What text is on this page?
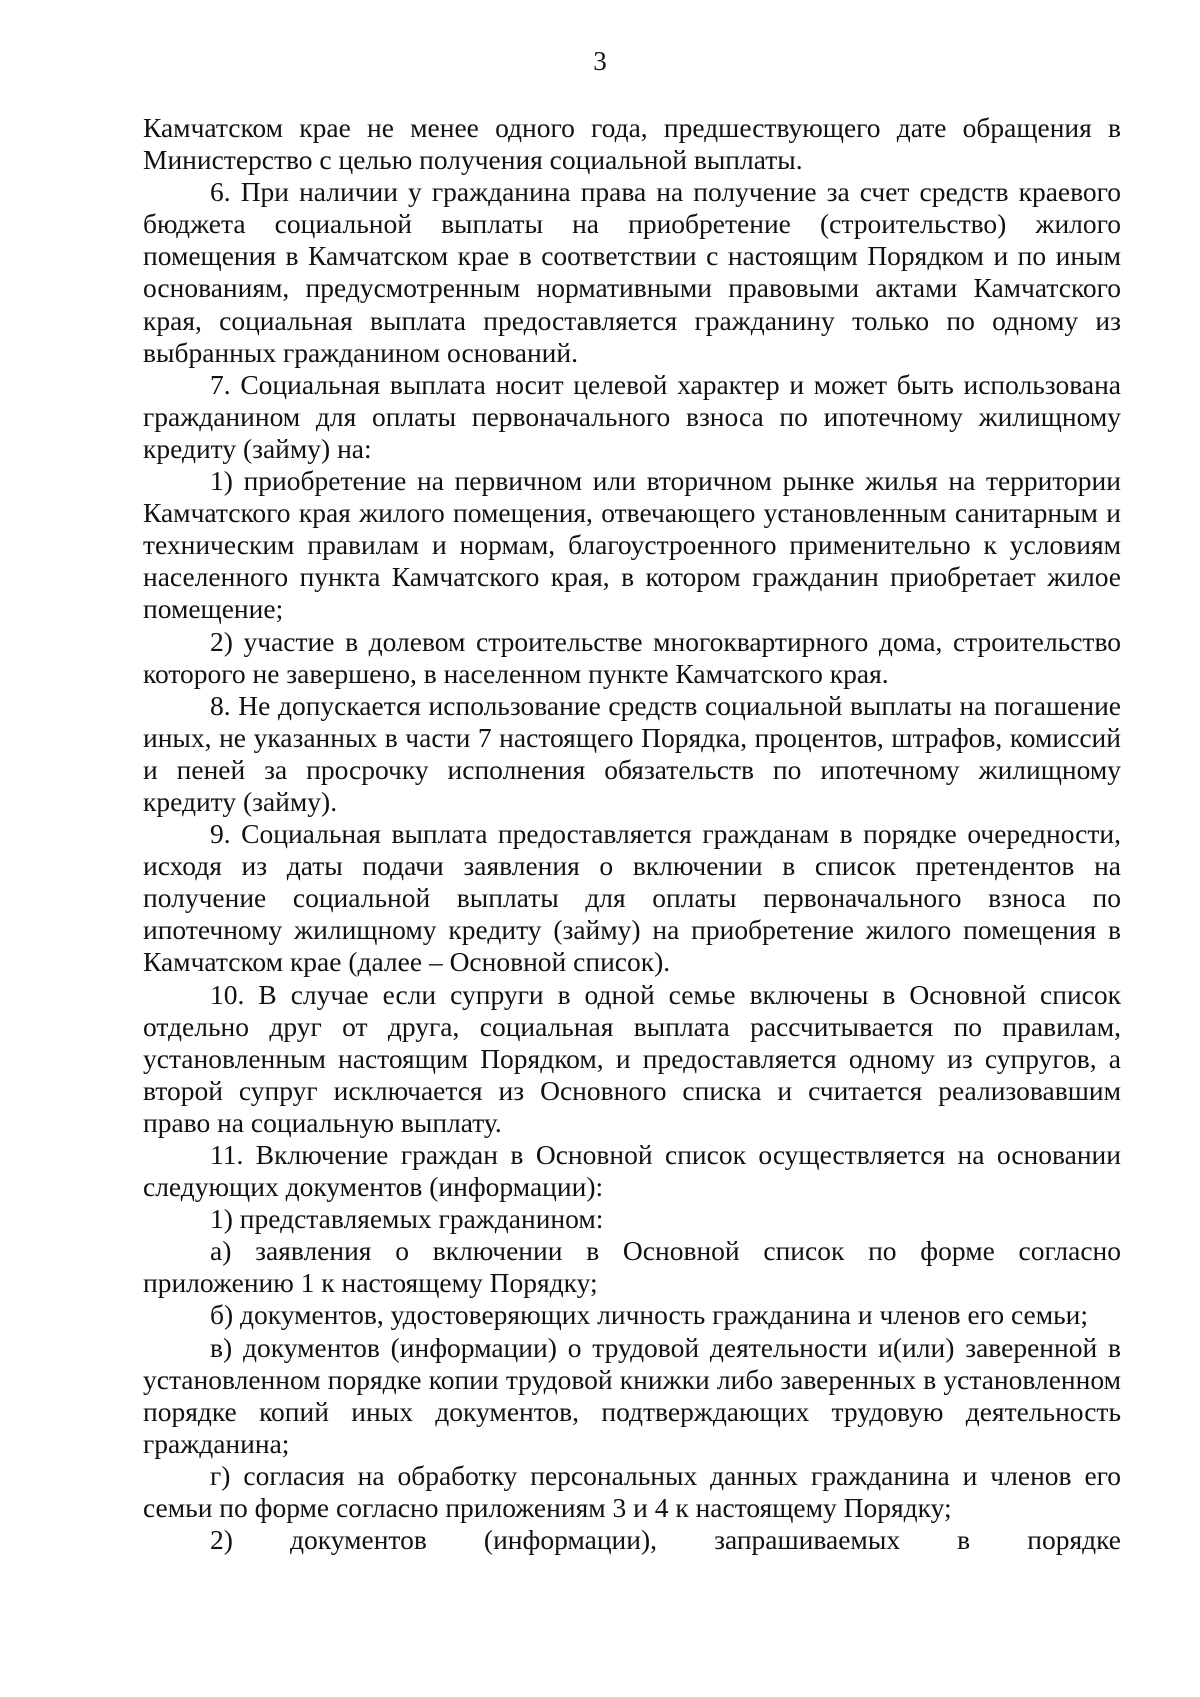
3

Камчатском крае не менее одного года, предшествующего дате обращения в Министерство с целью получения социальной выплаты.

6. При наличии у гражданина права на получение за счет средств краевого бюджета социальной выплаты на приобретение (строительство) жилого помещения в Камчатском крае в соответствии с настоящим Порядком и по иным основаниям, предусмотренным нормативными правовыми актами Камчатского края, социальная выплата предоставляется гражданину только по одному из выбранных гражданином оснований.

7. Социальная выплата носит целевой характер и может быть использована гражданином для оплаты первоначального взноса по ипотечному жилищному кредиту (займу) на:

1) приобретение на первичном или вторичном рынке жилья на территории Камчатского края жилого помещения, отвечающего установленным санитарным и техническим правилам и нормам, благоустроенного применительно к условиям населенного пункта Камчатского края, в котором гражданин приобретает жилое помещение;

2) участие в долевом строительстве многоквартирного дома, строительство которого не завершено, в населенном пункте Камчатского края.

8. Не допускается использование средств социальной выплаты на погашение иных, не указанных в части 7 настоящего Порядка, процентов, штрафов, комиссий и пеней за просрочку исполнения обязательств по ипотечному жилищному кредиту (займу).

9. Социальная выплата предоставляется гражданам в порядке очередности, исходя из даты подачи заявления о включении в список претендентов на получение социальной выплаты для оплаты первоначального взноса по ипотечному жилищному кредиту (займу) на приобретение жилого помещения в Камчатском крае (далее – Основной список).

10. В случае если супруги в одной семье включены в Основной список отдельно друг от друга, социальная выплата рассчитывается по правилам, установленным настоящим Порядком, и предоставляется одному из супругов, а второй супруг исключается из Основного списка и считается реализовавшим право на социальную выплату.

11. Включение граждан в Основной список осуществляется на основании следующих документов (информации):

1) представляемых гражданином:

а) заявления о включении в Основной список по форме согласно приложению 1 к настоящему Порядку;

б) документов, удостоверяющих личность гражданина и членов его семьи;

в) документов (информации) о трудовой деятельности и(или) заверенной в установленном порядке копии трудовой книжки либо заверенных в установленном порядке копий иных документов, подтверждающих трудовую деятельность гражданина;

г) согласия на обработку персональных данных гражданина и членов его семьи по форме согласно приложениям 3 и 4 к настоящему Порядку;

2) документов (информации), запрашиваемых в порядке
